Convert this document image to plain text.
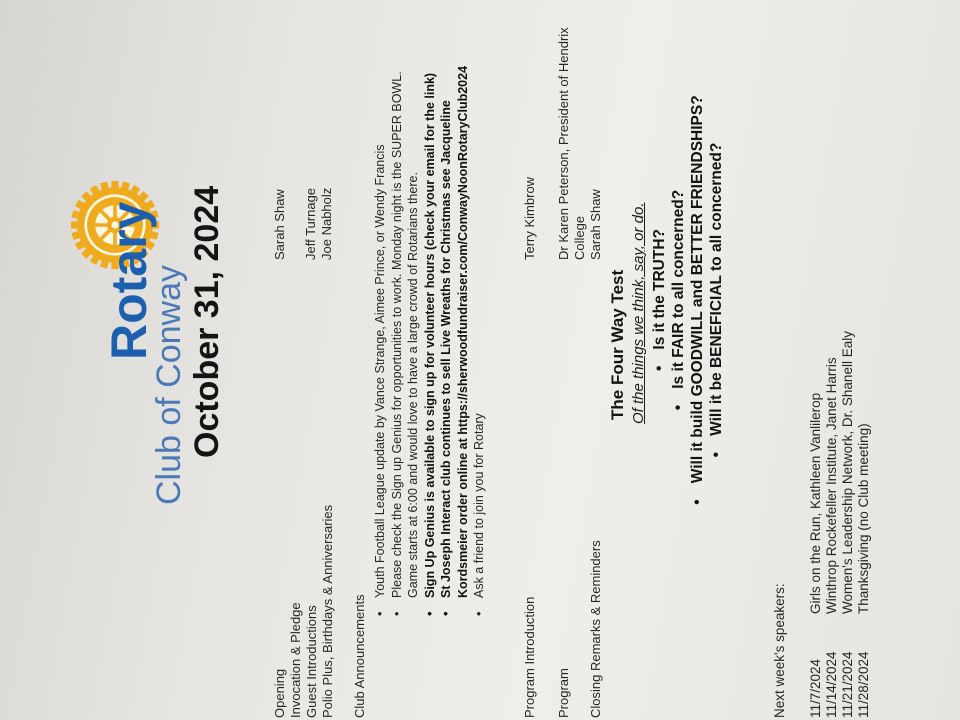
Rotary
Club of Conway October 31, 2024
Opening
Sarah Shaw
Invocation & Pledge
Jeff Turnage
Guest Introductions
Joe Nabholz
Polio Plus, Birthdays & Anniversaries Club Announcements
• Youth Football League update by Vance Strange, Aimee Prince, or Wendy Francis • Please check the Sign up Genius for opportunities to work. Monday night is the SUPER BOWL. Game starts at 6:00 and would love to have a large crowd of Rotarians there. • Sign Up Genius is available to sign up for volunteer hours (check your email for the link) • St Joseph Interact club continues to sell Live Wreaths for Christmas see Jacqueline Kordsmeier order online at https://sherwoodfundraiser.com/ConwayNoonRotaryClub2024 • Ask a friend to join you for Rotary
Program Introduction
Terry Kimbrow
Program
Dr Karen Peterson, President of Hendrix College
Closing Remarks & Reminders
Sarah Shaw
The Four Way Test Of the things we think, say, or do. • Is it the TRUTH? • Is it FAIR to all concerned? • Will it build GOODWILL and BETTER FRIENDSHIPS? • Will it be BENEFICIAL to all concerned?
Next week's speakers: 11/7/2024
Girls on the Run, Kathleen Vanlilerop
11/14/2024
Winthrop Rockefeller Institute, Janet Harris
11/21/2024
Women's Leadership Network, Dr. Shanell Ealy
11/28/2024
Thanksgiving (no Club meeting)
